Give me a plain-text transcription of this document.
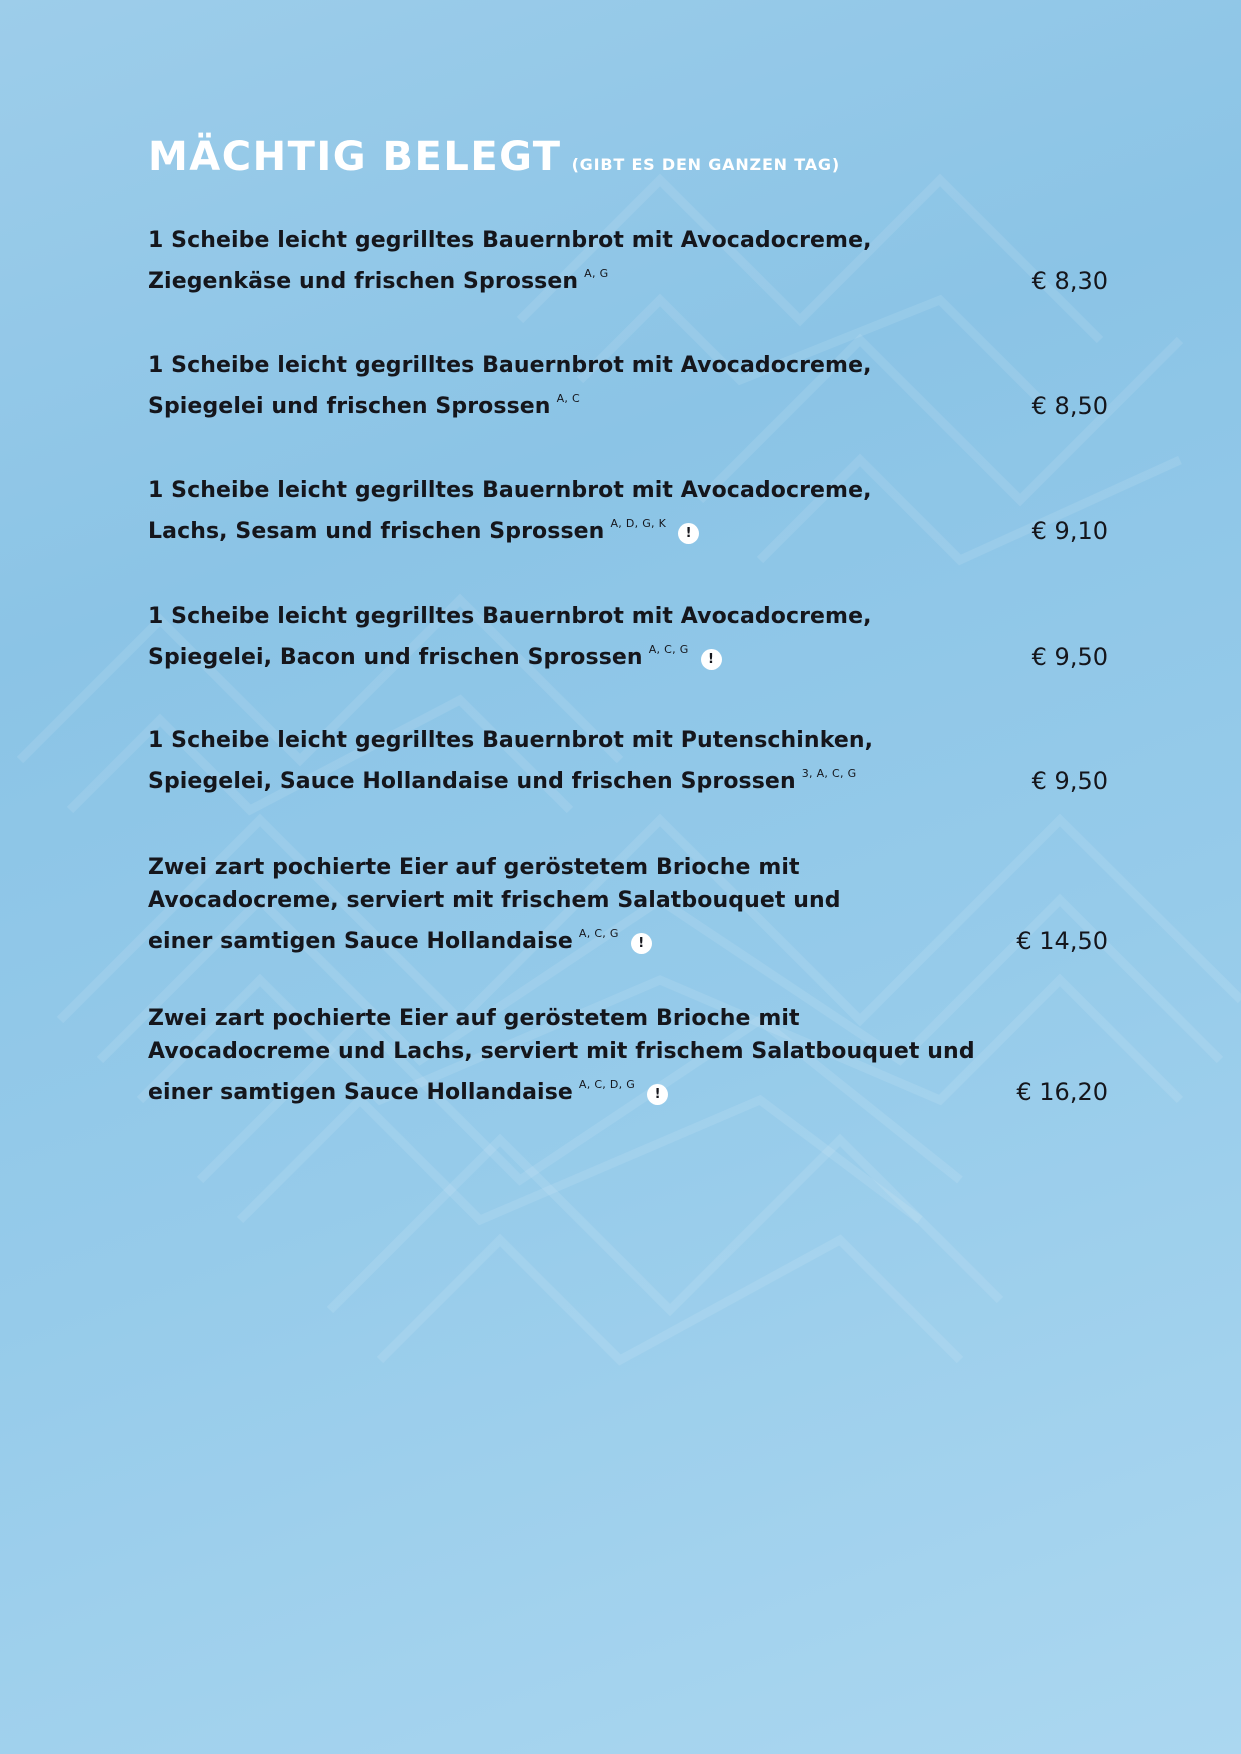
MÄCHTIG BELEGT (GIBT ES DEN GANZEN TAG)
1 Scheibe leicht gegrilltes Bauernbrot mit Avocadocreme,
Ziegenkäse und frischen Sprossen $^{A, G}$	€ 8,30
1 Scheibe leicht gegrilltes Bauernbrot mit Avocadocreme,
Spiegelei und frischen Sprossen $^{A, C}$	€ 8,50
1 Scheibe leicht gegrilltes Bauernbrot mit Avocadocreme,
Lachs, Sesam und frischen Sprossen $^{A, D, G, K}$!	€ 9,10
1 Scheibe leicht gegrilltes Bauernbrot mit Avocadocreme,
Spiegelei, Bacon und frischen Sprossen $^{A, C, G}$!	€ 9,50
1 Scheibe leicht gegrilltes Bauernbrot mit Putenschinken,
Spiegelei, Sauce Hollandaise und frischen Sprossen $^{3, A, C, G}$	€ 9,50
Zwei zart pochierte Eier auf geröstetem Brioche mit
Avocadocreme, serviert mit frischem Salatbouquet und
einer samtigen Sauce Hollandaise $^{A, C, G}$!	€ 14,50
Zwei zart pochierte Eier auf geröstetem Brioche mit
Avocadocreme und Lachs, serviert mit frischem Salatbouquet und
einer samtigen Sauce Hollandaise $^{A, C, D, G}$!	€ 16,20
